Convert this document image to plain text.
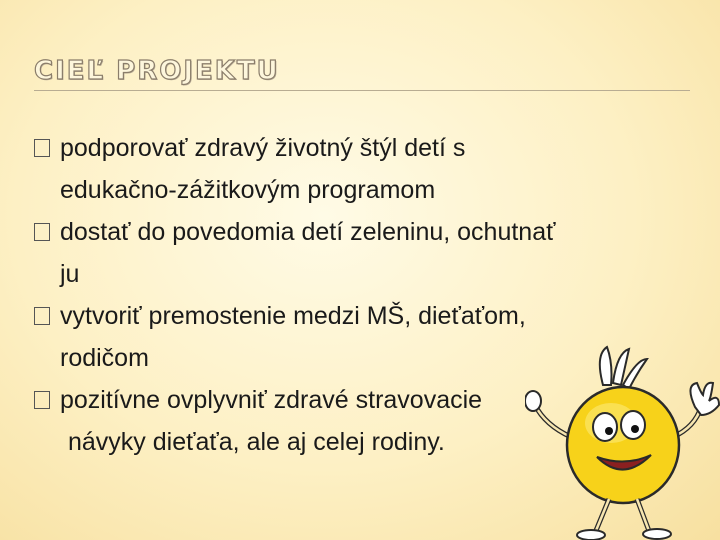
CIEĽ PROJEKTU
podporovať zdravý životný štýl detí s
edukačno-zážitkovým programom
dostať do povedomia detí zeleninu, ochutnať
ju
vytvoriť premostenie medzi MŠ, dieťaťom,
rodičom
pozitívne ovplyvniť zdravé stravovacie
návyky dieťaťa, ale aj celej rodiny.
